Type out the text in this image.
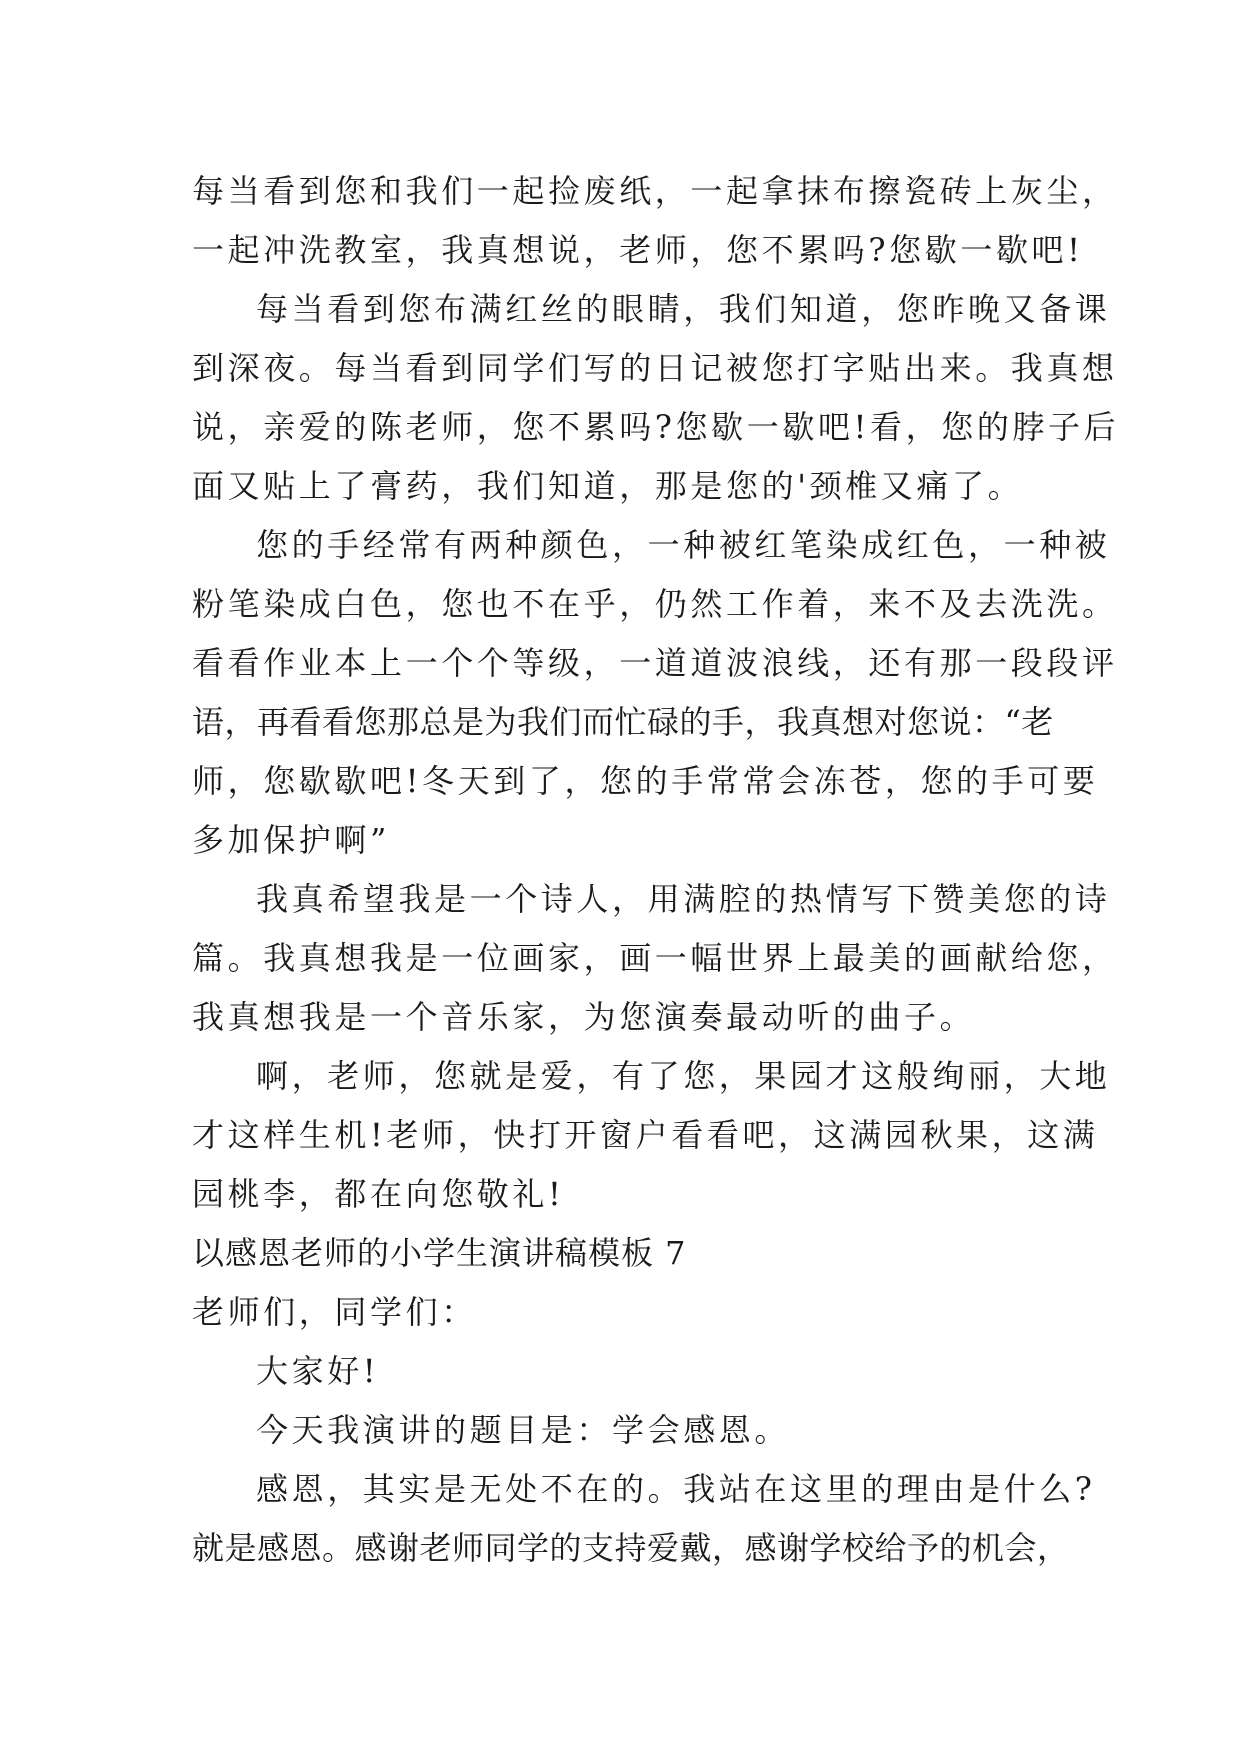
每当看到您和我们一起捡废纸，一起拿抹布擦瓷砖上灰尘，
一起冲洗教室，我真想说，老师，您不累吗?您歇一歇吧!
每当看到您布满红丝的眼睛，我们知道，您昨晚又备课
到深夜。每当看到同学们写的日记被您打字贴出来。我真想
说，亲爱的陈老师，您不累吗?您歇一歇吧!看，您的脖子后
面又贴上了膏药，我们知道，那是您的'颈椎又痛了。
您的手经常有两种颜色，一种被红笔染成红色，一种被
粉笔染成白色，您也不在乎，仍然工作着，来不及去洗洗。
看看作业本上一个个等级，一道道波浪线，还有那一段段评
语，再看看您那总是为我们而忙碌的手，我真想对您说：“老
师，您歇歇吧!冬天到了，您的手常常会冻苍，您的手可要
多加保护啊”
我真希望我是一个诗人，用满腔的热情写下赞美您的诗
篇。我真想我是一位画家，画一幅世界上最美的画献给您，
我真想我是一个音乐家，为您演奏最动听的曲子。
啊，老师，您就是爱，有了您，果园才这般绚丽，大地
才这样生机!老师，快打开窗户看看吧，这满园秋果，这满
园桃李，都在向您敬礼!
以感恩老师的小学生演讲稿模板 7
老师们，同学们：
大家好!
今天我演讲的题目是：学会感恩。
感恩，其实是无处不在的。我站在这里的理由是什么?
就是感恩。感谢老师同学的支持爱戴，感谢学校给予的机会，
